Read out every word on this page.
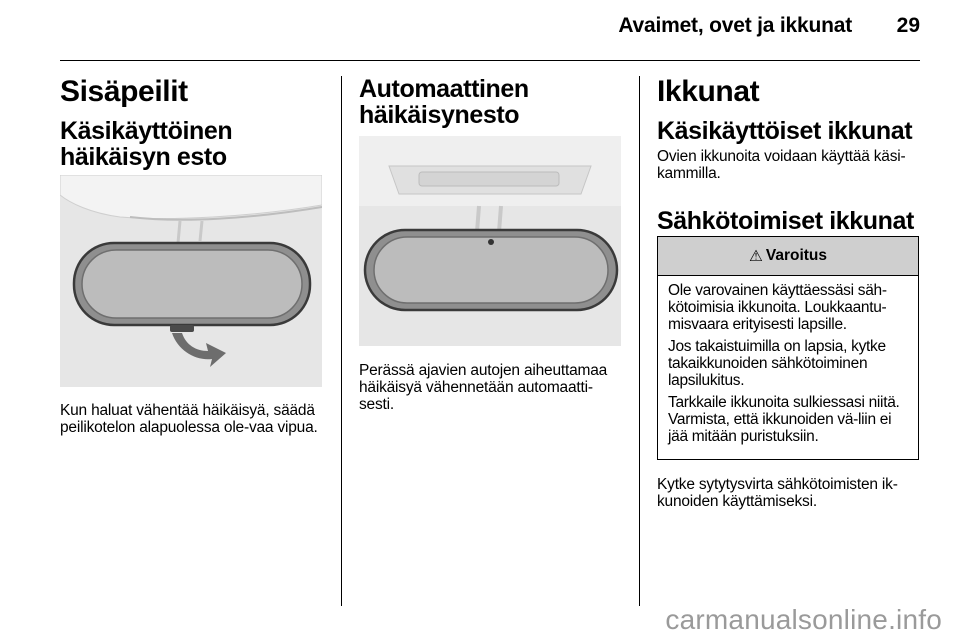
Avaimet, ovet ja ikkunat 29
Sisäpeilit
Käsikäyttöinen häikäisyn esto

Kun haluat vähentää häikäisyä, säädä peilikotelon alapuolessa ole-vaa vipua.

Automaattinen häikäisynesto

Perässä ajavien autojen aiheuttamaa häikäisyä vähennetään automaatti-sesti.

Ikkunat
Käsikäyttöiset ikkunat

Ovien ikkunoita voidaan käyttää käsi-kammilla.

Sähkötoimiset ikkunat
⚠ Varoitus

Ole varovainen käyttäessäsi säh-kötoimisia ikkunoita. Loukkaantu-misvaara erityisesti lapsille.

Jos takaistuimilla on lapsia, kytke takaikkunoiden sähkötoiminen lapsilukitus.

Tarkkaile ikkunoita sulkiessasi niitä. Varmista, että ikkunoiden vä-liin ei jää mitään puristuksiin.

Kytke sytytysvirta sähkötoimisten ik-kunoiden käyttämiseksi.

carmanualsonline.info
